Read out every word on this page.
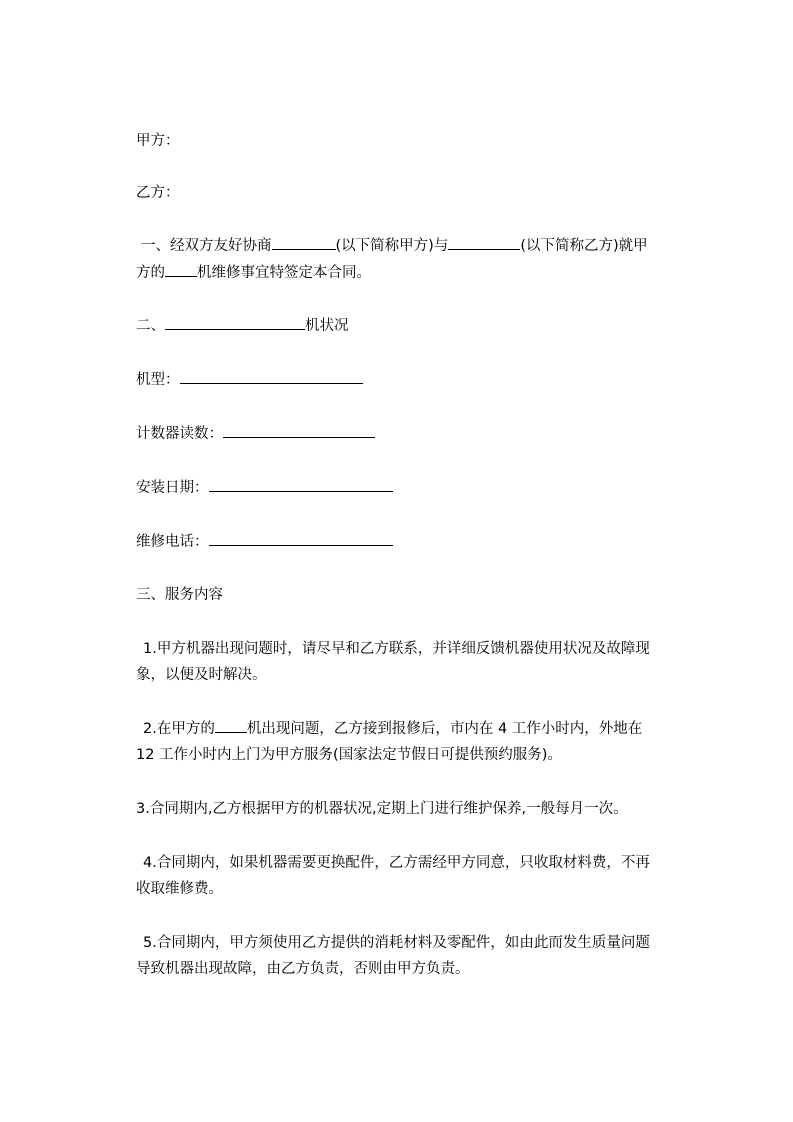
甲方：
乙方：
一、经双方友好协商	(以下简称甲方)与	(以下简称乙方)就甲
方的 机维修事宜特签定本合同。
二、	机状况
机型：
计数器读数：
安装日期：
维修电话：
三、服务内容
1.甲方机器出现问题时，请尽早和乙方联系，并详细反馈机器使用状况及故障现
象，以便及时解决。
2.在甲方的 机出现问题，乙方接到报修后，市内在 4 工作小时内，外地在
12 工作小时内上门为甲方服务(国家法定节假日可提供预约服务)。
3.合同期内,乙方根据甲方的机器状况,定期上门进行维护保养,一般每月一次。
4.合同期内，如果机器需要更换配件，乙方需经甲方同意，只收取材料费，不再
收取维修费。
5.合同期内，甲方须使用乙方提供的消耗材料及零配件，如由此而发生质量问题
导致机器出现故障，由乙方负责，否则由甲方负责。
